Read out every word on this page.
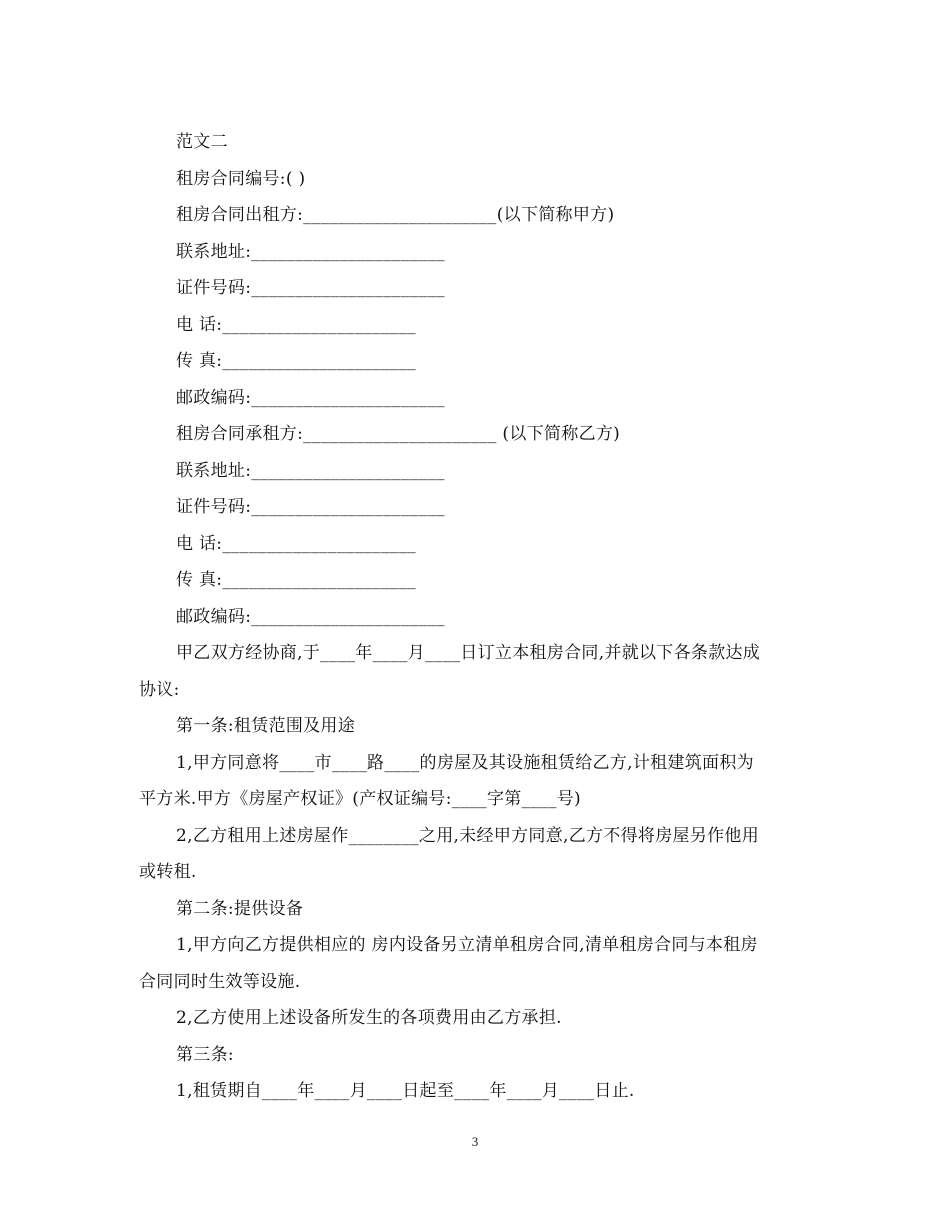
范文二
租房合同编号:( )
租房合同出租方:______________________(以下简称甲方)
联系地址:______________________
证件号码:______________________
电 话:______________________
传 真:______________________
邮政编码:______________________
租房合同承租方:______________________ (以下简称乙方)
联系地址:______________________
证件号码:______________________
电 话:______________________
传 真:______________________
邮政编码:______________________
甲乙双方经协商,于____年____月____日订立本租房合同,并就以下各条款达成
协议:
第一条:租赁范围及用途
1,甲方同意将____市____路____的房屋及其设施租赁给乙方,计租建筑面积为
平方米.甲方《房屋产权证》(产权证编号:____字第____号)
2,乙方租用上述房屋作________之用,未经甲方同意,乙方不得将房屋另作他用
或转租.
第二条:提供设备
1,甲方向乙方提供相应的 房内设备另立清单租房合同,清单租房合同与本租房
合同同时生效等设施.
2,乙方使用上述设备所发生的各项费用由乙方承担.
第三条:
1,租赁期自____年____月____日起至____年____月____日止.
3
